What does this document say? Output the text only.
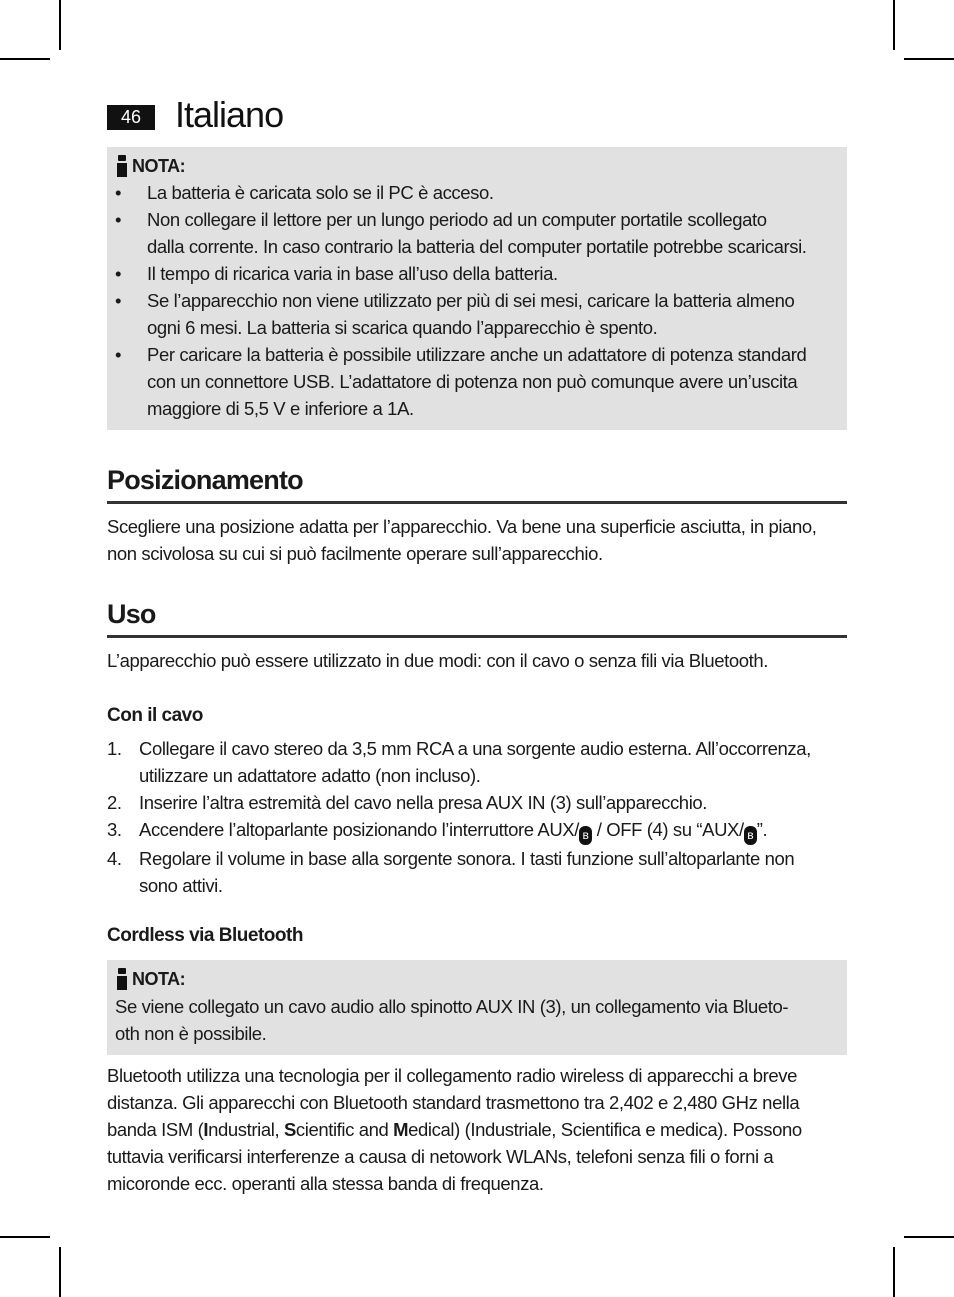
46 Italiano
NOTA:
•	La batteria è caricata solo se il PC è acceso.
•	Non collegare il lettore per un lungo periodo ad un computer portatile scollegato
dalla corrente. In caso contrario la batteria del computer portatile potrebbe scaricarsi.
•	Il tempo di ricarica varia in base all’uso della batteria.
•	Se l’apparecchio non viene utilizzato per più di sei mesi, caricare la batteria almeno
ogni 6 mesi. La batteria si scarica quando l’apparecchio è spento.
•	Per caricare la batteria è possibile utilizzare anche un adattatore di potenza standard
con un connettore USB. L’adattatore di potenza non può comunque avere un’uscita
maggiore di 5,5 V e inferiore a 1A.
Posizionamento
Scegliere una posizione adatta per l’apparecchio. Va bene una superficie asciutta, in piano,
non scivolosa su cui si può facilmente operare sull’apparecchio.
Uso
L’apparecchio può essere utilizzato in due modi: con il cavo o senza fili via Bluetooth.
Con il cavo
1. Collegare il cavo stereo da 3,5 mm RCA a una sorgente audio esterna. All’occorrenza,
utilizzare un adattatore adatto (non incluso).
2. Inserire l’altra estremità del cavo nella presa AUX IN (3) sull’apparecchio.
3. Accendere l’altoparlante posizionando l’interruttore AUX/ ʙ / OFF (4) su “AUX/ ʙ ”.
4. Regolare il volume in base alla sorgente sonora. I tasti funzione sull’altoparlante non
sono attivi.
Cordless via Bluetooth
NOTA:
Se viene collegato un cavo audio allo spinotto AUX IN (3), un collegamento via Blueto-
oth non è possibile.
Bluetooth utilizza una tecnologia per il collegamento radio wireless di apparecchi a breve
distanza. Gli apparecchi con Bluetooth standard trasmettono tra 2,402 e 2,480 GHz nella
banda ISM (Industrial, Scientific and Medical) (Industriale, Scientifica e medica). Possono
tuttavia verificarsi interferenze a causa di netowork WLANs, telefoni senza fili o forni a
micoronde ecc. operanti alla stessa banda di frequenza.
